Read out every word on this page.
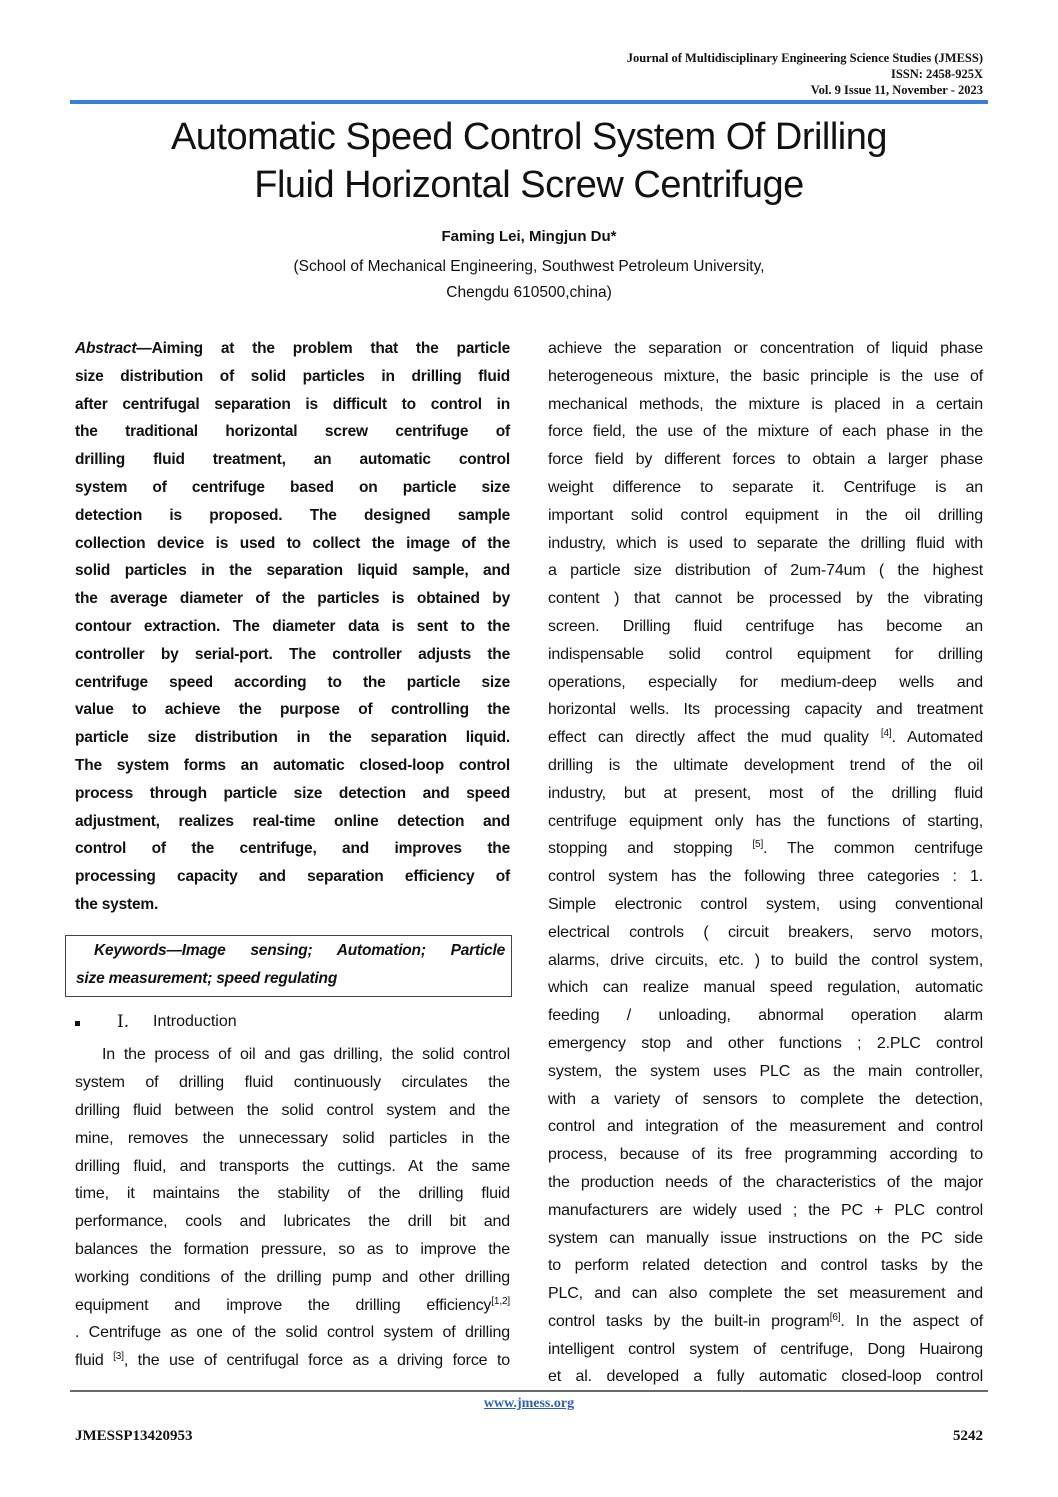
Journal of Multidisciplinary Engineering Science Studies (JMESS)
ISSN: 2458-925X
Vol. 9 Issue 11, November - 2023
Automatic Speed Control System Of Drilling
Fluid Horizontal Screw Centrifuge
Faming Lei, Mingjun Du*
(School of Mechanical Engineering, Southwest Petroleum University,
Chengdu 610500,china)
Abstract—Aiming at the problem that the particle
size distribution of solid particles in drilling fluid
after centrifugal separation is difficult to control in
the traditional horizontal screw centrifuge of
drilling fluid treatment, an automatic control
system of centrifuge based on particle size
detection is proposed. The designed sample
collection device is used to collect the image of the
solid particles in the separation liquid sample, and
the average diameter of the particles is obtained by
contour extraction. The diameter data is sent to the
controller by serial-port. The controller adjusts the
centrifuge speed according to the particle size
value to achieve the purpose of controlling the
particle size distribution in the separation liquid.
The system forms an automatic closed-loop control
process through particle size detection and speed
adjustment, realizes real-time online detection and
control of the centrifuge, and improves the
processing capacity and separation efficiency of
the system.
Keywords—Image sensing; Automation; Particle
size measurement; speed regulating
Ⅰ. Introduction
In the process of oil and gas drilling, the solid control
system of drilling fluid continuously circulates the
drilling fluid between the solid control system and the
mine, removes the unnecessary solid particles in the
drilling fluid, and transports the cuttings. At the same
time, it maintains the stability of the drilling fluid
performance, cools and lubricates the drill bit and
balances the formation pressure, so as to improve the
working conditions of the drilling pump and other drilling
equipment and improve the drilling efficiency[1,2]
. Centrifuge as one of the solid control system of drilling
fluid [3], the use of centrifugal force as a driving force to
achieve the separation or concentration of liquid phase
heterogeneous mixture, the basic principle is the use of
mechanical methods, the mixture is placed in a certain
force field, the use of the mixture of each phase in the
force field by different forces to obtain a larger phase
weight difference to separate it. Centrifuge is an
important solid control equipment in the oil drilling
industry, which is used to separate the drilling fluid with
a particle size distribution of 2um-74um ( the highest
content ) that cannot be processed by the vibrating
screen. Drilling fluid centrifuge has become an
indispensable solid control equipment for drilling
operations, especially for medium-deep wells and
horizontal wells. Its processing capacity and treatment
effect can directly affect the mud quality [4]. Automated
drilling is the ultimate development trend of the oil
industry, but at present, most of the drilling fluid
centrifuge equipment only has the functions of starting,
stopping and stopping [5]. The common centrifuge
control system has the following three categories : 1.
Simple electronic control system, using conventional
electrical controls ( circuit breakers, servo motors,
alarms, drive circuits, etc. ) to build the control system,
which can realize manual speed regulation, automatic
feeding / unloading, abnormal operation alarm
emergency stop and other functions ; 2.PLC control
system, the system uses PLC as the main controller,
with a variety of sensors to complete the detection,
control and integration of the measurement and control
process, because of its free programming according to
the production needs of the characteristics of the major
manufacturers are widely used ; the PC + PLC control
system can manually issue instructions on the PC side
to perform related detection and control tasks by the
PLC, and can also complete the set measurement and
control tasks by the built-in program[6]. In the aspect of
intelligent control system of centrifuge, Dong Huairong
et al. developed a fully automatic closed-loop control
www.jmess.org
JMESSP13420953	5242
